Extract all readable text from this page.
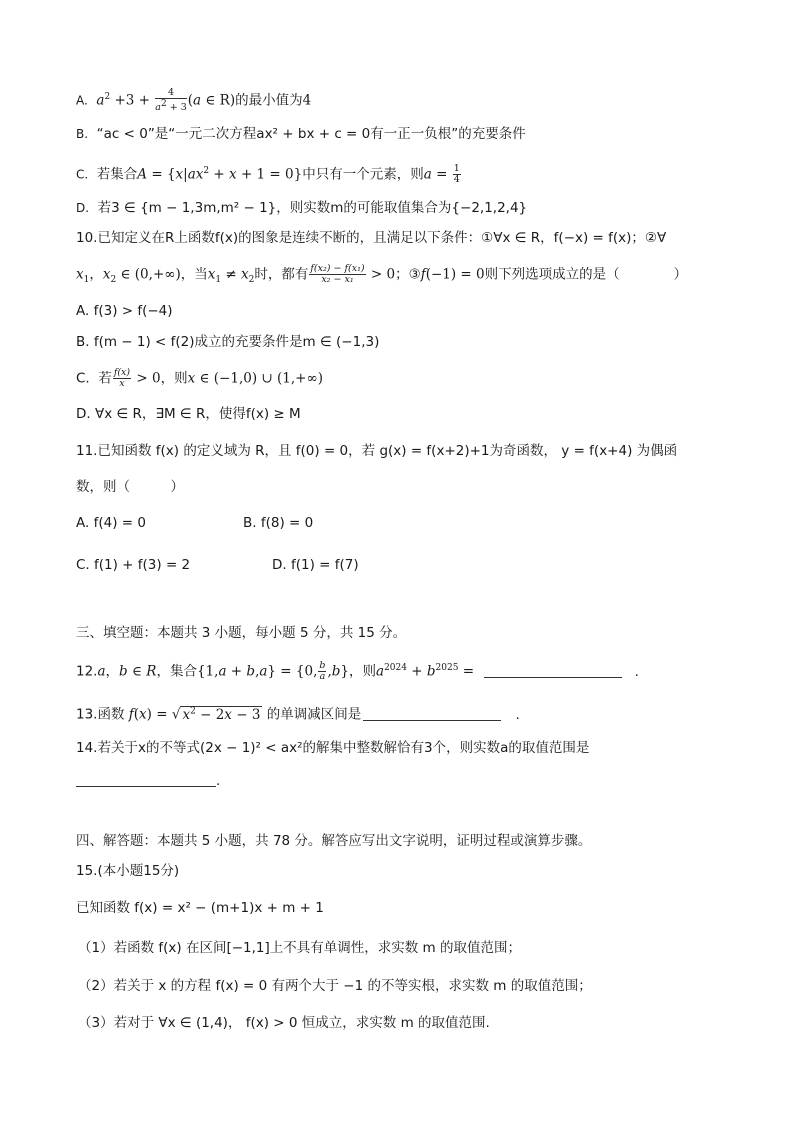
A. $a^2 +3 + \frac{4}{a^2 + 3} (a$ ∈ R)的最小值为4
B. “ac < 0”是“一元二次方程ax² + bx + c = 0有一正一负根”的充要条件
C.  若集合$A = \{x|ax^2 + x + 1 = 0\}$中只有一个元素，则$a = \frac{1}{4}$
D. 若3 ∈ {m − 1,3m,m² − 1}，则实数m的可能取值集合为{−2,1,2,4}
10.已知定义在R上函数f(x)的图象是连续不断的，且满足以下条件：①∀x ∈ R，f(−x) = f(x)；②∀
$x_1$，$x_2$ ∈ (0,+∞)，当$x_1 \ne x_2$时，都有 $\frac{\text{f(x₂) − f(x₁)}}{\text{x₂ − x₁}} > 0$；③f(−1) = 0则下列选项成立的是（　　　　）
A. f(3) > f(−4)
B. f(m − 1) < f(2)成立的充要条件是m ∈ (−1,3)
C.  若 $\frac{f(x)}{x} > 0$，则x ∈ (−1,0) ∪ (1,+∞)
D. ∀x ∈ R，∃M ∈ R，使得f(x) ≥ M
11.已知函数 f(x) 的定义域为 R，且 f(0) = 0，若 g(x) = f(x+2)+1为奇函数， y = f(x+4) 为偶函
数，则（　　　）
A. f(4) = 0	B. f(8) = 0
C. f(1) + f(3) = 2	D. f(1) = f(7)
三、填空题：本题共 3 小题，每小题 5 分，共 15 分。
12.a，b ∈ R，集合{1,a + b,a} = {0, $\frac{b}{a} ,b$}，则$a^{2024} + b^{2025}$ =	.
13.函数 f(x) = √ $x^2 - 2x - 3$ 的单调减区间是	.
14.若关于x的不等式(2x − 1)² < ax²的解集中整数解恰有3个，则实数a的取值范围是
.
四、解答题：本题共 5 小题，共 78 分。解答应写出文字说明，证明过程或演算步骤。
15.(本小题15分)
已知函数 f(x) = x² − (m+1)x + m + 1
（1）若函数 f(x) 在区间[−1,1]上不具有单调性，求实数 m 的取值范围；
（2）若关于 x 的方程 f(x) = 0 有两个大于 −1 的不等实根，求实数 m 的取值范围；
（3）若对于 ∀x ∈ (1,4)， f(x) > 0 恒成立，求实数 m 的取值范围.
